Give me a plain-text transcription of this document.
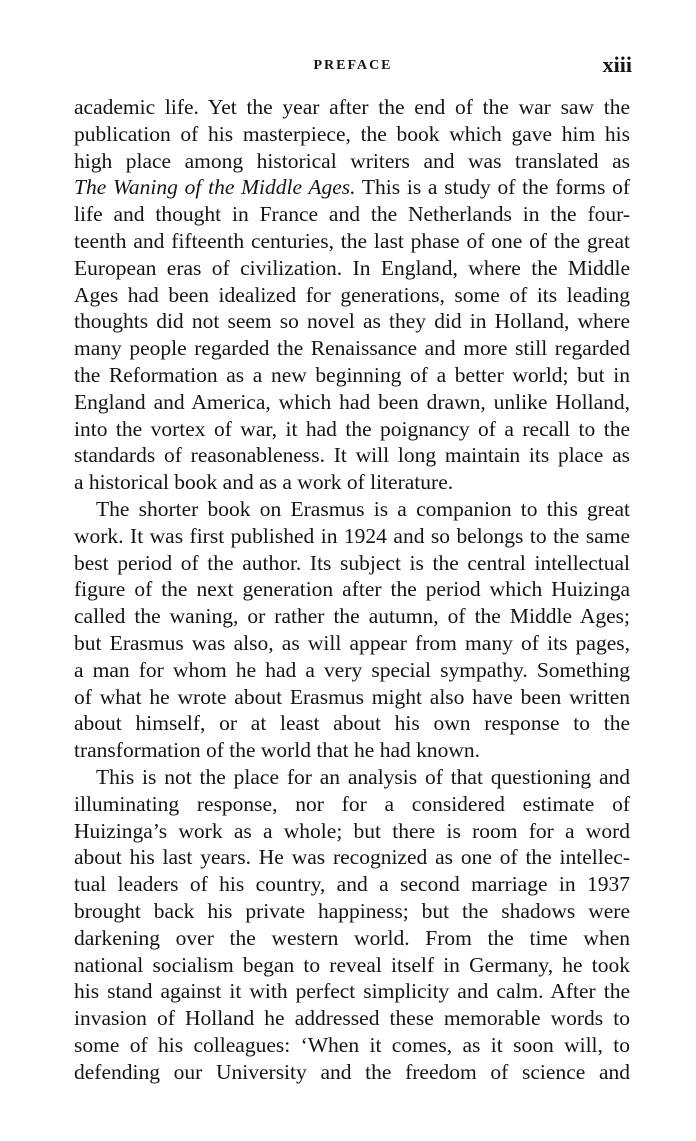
PREFACE	xiii
academic life. Yet the year after the end of the war saw the
publication of his masterpiece, the book which gave him his
high place among historical writers and was translated as
The Waning of the Middle Ages. This is a study of the forms of
life and thought in France and the Netherlands in the four-
teenth and fifteenth centuries, the last phase of one of the great
European eras of civilization. In England, where the Middle
Ages had been idealized for generations, some of its leading
thoughts did not seem so novel as they did in Holland, where
many people regarded the Renaissance and more still regarded
the Reformation as a new beginning of a better world; but in
England and America, which had been drawn, unlike Holland,
into the vortex of war, it had the poignancy of a recall to the
standards of reasonableness. It will long maintain its place as
a historical book and as a work of literature.
The shorter book on Erasmus is a companion to this great
work. It was first published in 1924 and so belongs to the same
best period of the author. Its subject is the central intellectual
figure of the next generation after the period which Huizinga
called the waning, or rather the autumn, of the Middle Ages;
but Erasmus was also, as will appear from many of its pages,
a man for whom he had a very special sympathy. Something
of what he wrote about Erasmus might also have been written
about himself, or at least about his own response to the
transformation of the world that he had known.
This is not the place for an analysis of that questioning and
illuminating response, nor for a considered estimate of
Huizinga’s work as a whole; but there is room for a word
about his last years. He was recognized as one of the intellec-
tual leaders of his country, and a second marriage in 1937
brought back his private happiness; but the shadows were
darkening over the western world. From the time when
national socialism began to reveal itself in Germany, he took
his stand against it with perfect simplicity and calm. After the
invasion of Holland he addressed these memorable words to
some of his colleagues: ‘When it comes, as it soon will, to
defending our University and the freedom of science and
